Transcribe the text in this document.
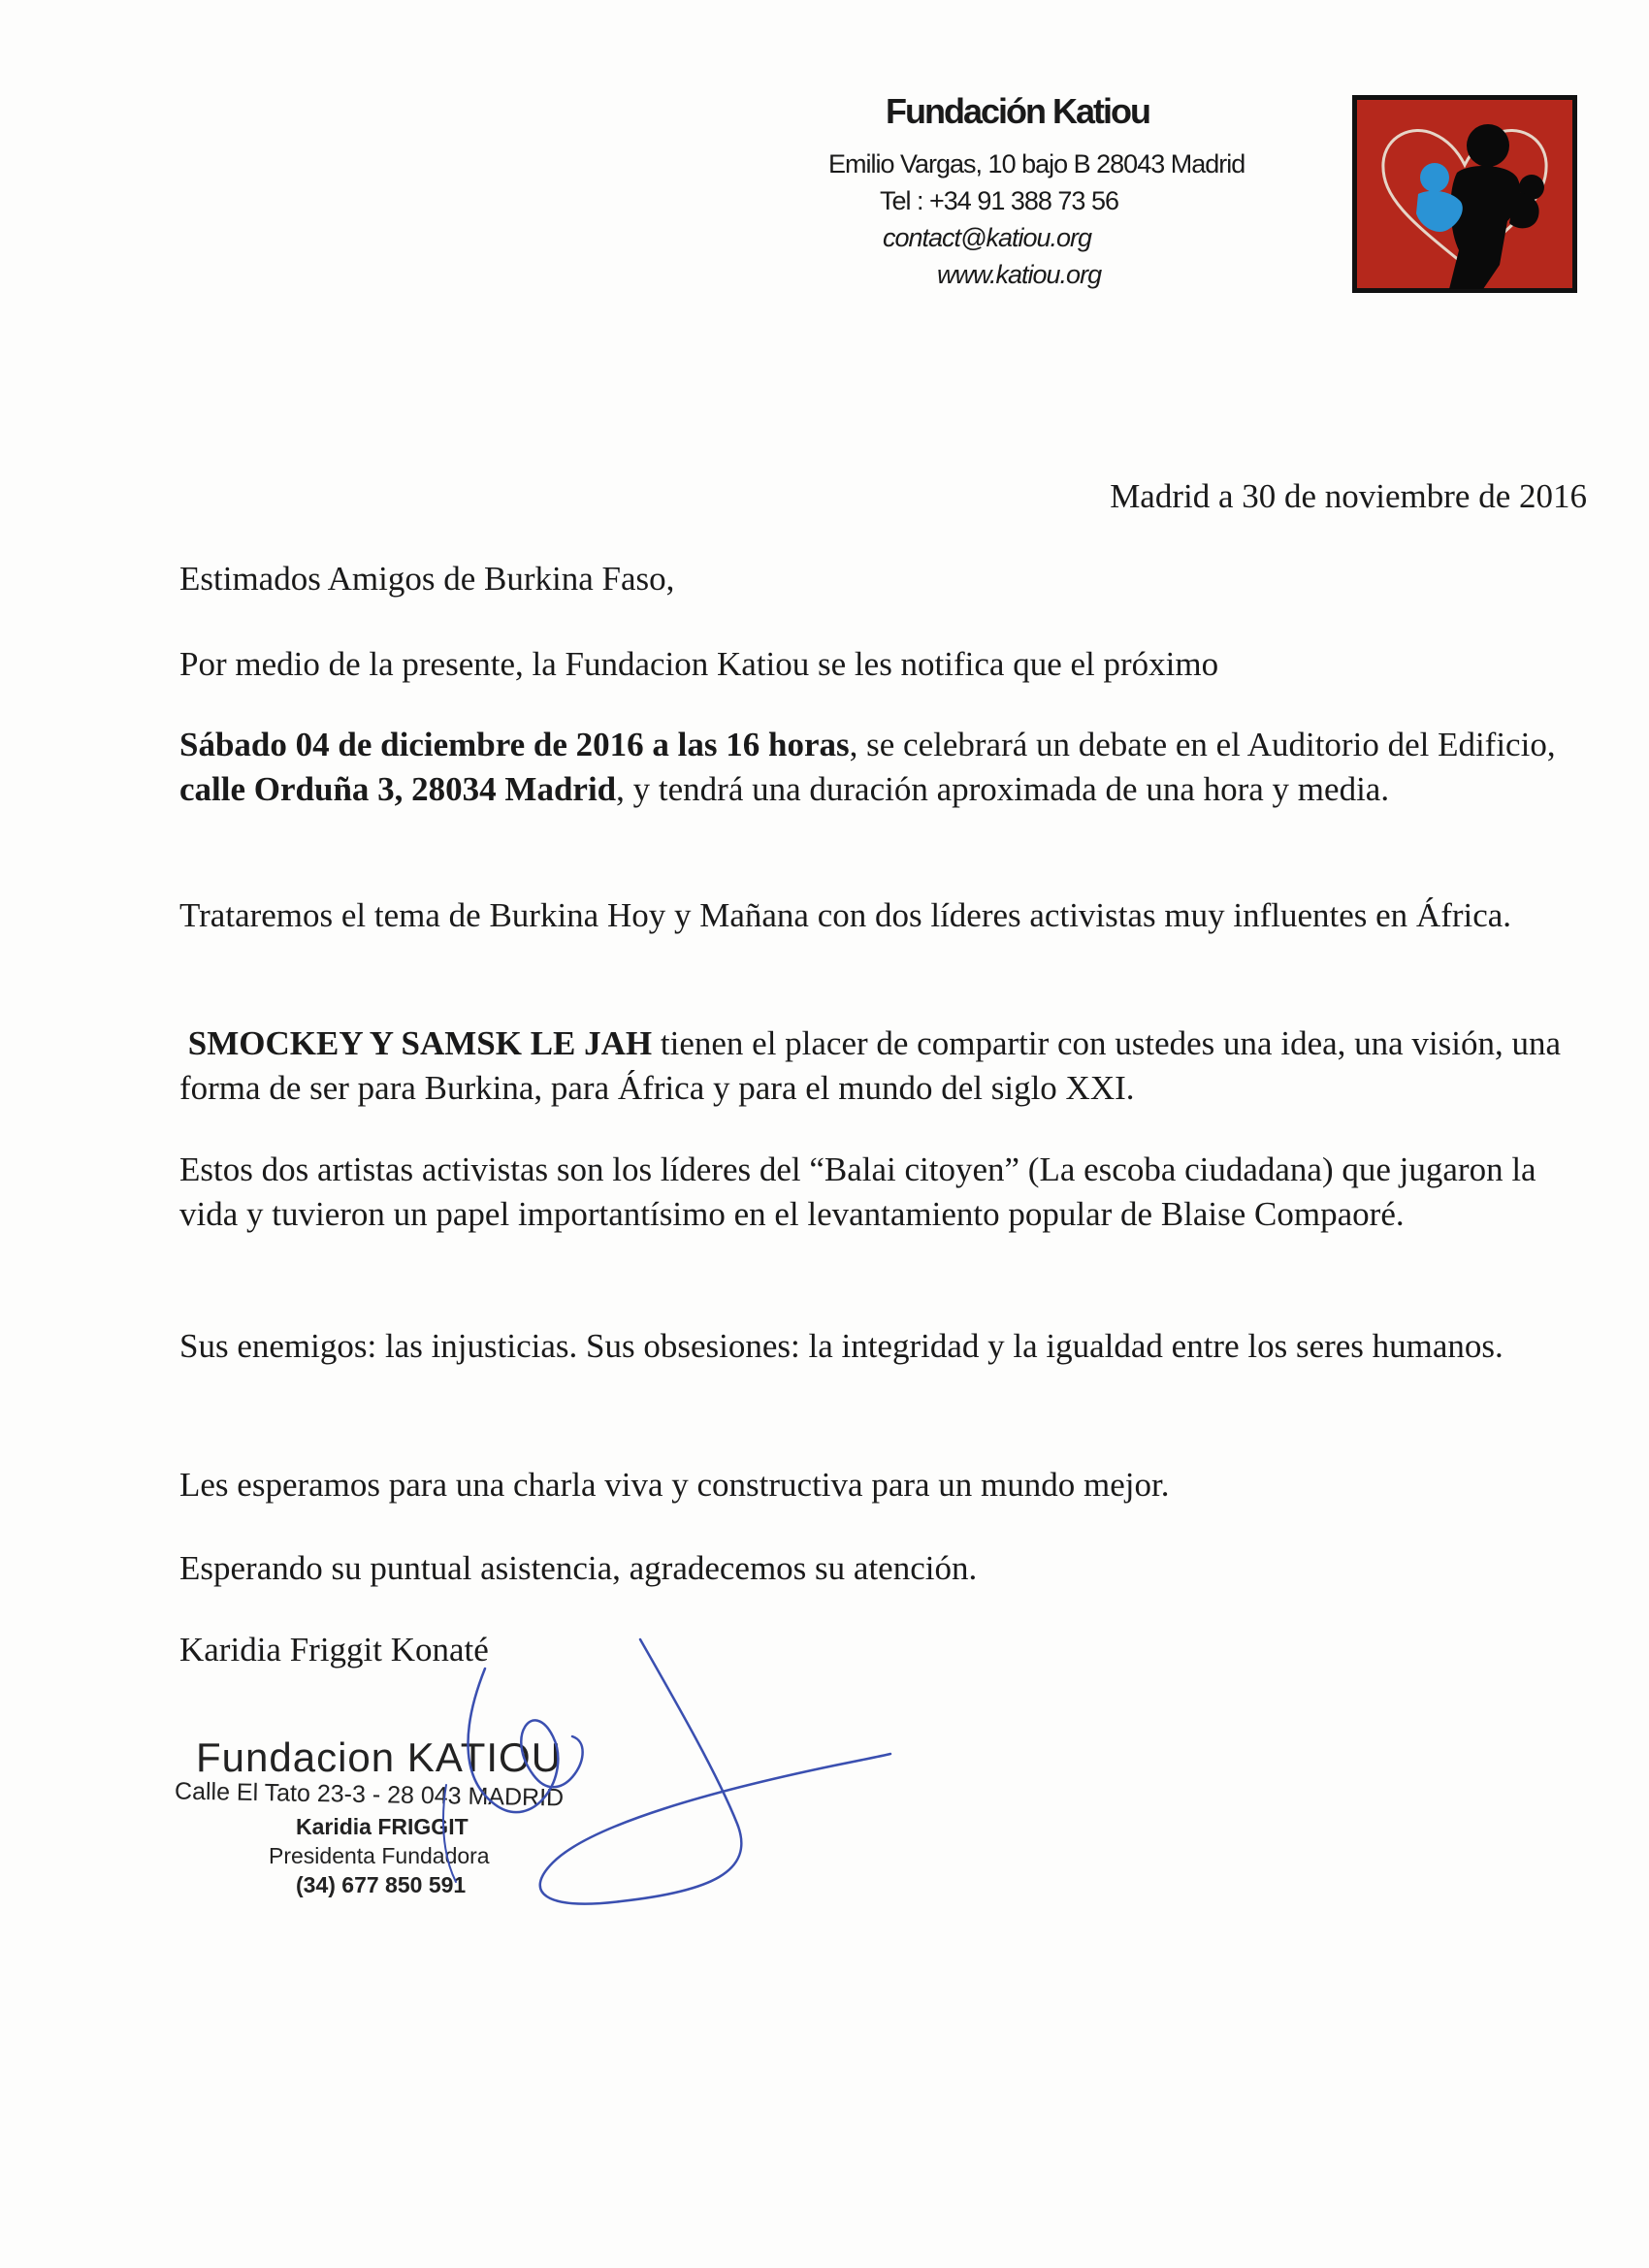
Fundación Katiou
Emilio Vargas, 10 bajo B 28043 Madrid
Tel : +34 91 388 73 56
contact@katiou.org
www.katiou.org
Madrid a 30 de noviembre de 2016
Estimados Amigos de Burkina Faso,
Por medio de la presente, la Fundacion Katiou se les notifica que el próximo
Sábado 04 de diciembre de 2016 a las 16 horas, se celebrará un debate en el Auditorio del Edificio, calle Orduña 3, 28034 Madrid, y tendrá una duración aproximada de una hora y media.
Trataremos el tema de Burkina Hoy y Mañana con dos líderes activistas muy influentes en África.
SMOCKEY Y SAMSK LE JAH tienen el placer de compartir con ustedes una idea, una visión, una forma de ser para Burkina, para África y para el mundo del siglo XXI.
Estos dos artistas activistas son los líderes del “Balai citoyen” (La escoba ciudadana) que jugaron la vida y tuvieron un papel importantísimo en el levantamiento popular de Blaise Compaoré.
Sus enemigos: las injusticias. Sus obsesiones: la integridad y la igualdad entre los seres humanos.
Les esperamos para una charla viva y constructiva para un mundo mejor.
Esperando su puntual asistencia, agradecemos su atención.
Karidia Friggit Konaté
Fundacion KATIOU
Calle El Tato 23-3 - 28 043 MADRID
Karidia FRIGGIT
Presidenta Fundadora
(34) 677 850 591
